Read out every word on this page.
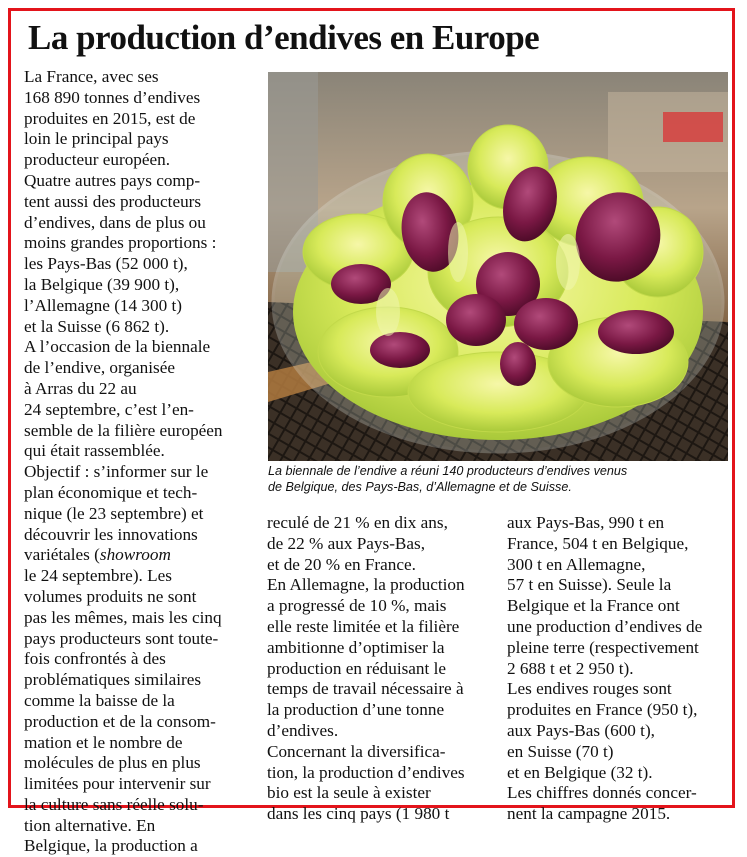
La production d’endives en Europe
La France, avec ses
168 890 tonnes d’endives
produites en 2015, est de
loin le principal pays
producteur européen.
Quatre autres pays comp-
tent aussi des producteurs
d’endives, dans de plus ou
moins grandes proportions :
les Pays-Bas (52 000 t),
la Belgique (39 900 t),
l’Allemagne (14 300 t)
et la Suisse (6 862 t).
A l’occasion de la biennale
de l’endive, organisée
à Arras du 22 au
24 septembre, c’est l’en-
semble de la filière européen
qui était rassemblée.
Objectif : s’informer sur le
plan économique et tech-
nique (le 23 septembre) et
découvrir les innovations
variétales (showroom
le 24 septembre). Les
volumes produits ne sont
pas les mêmes, mais les cinq
pays producteurs sont toute-
fois confrontés à des
problématiques similaires
comme la baisse de la
production et de la consom-
mation et le nombre de
molécules de plus en plus
limitées pour intervenir sur
la culture sans réelle solu-
tion alternative. En
Belgique, la production a
La biennale de l’endive a réuni 140 producteurs d’endives venus
de Belgique, des Pays-Bas, d’Allemagne et de Suisse.
reculé de 21 % en dix ans,
de 22 % aux Pays-Bas,
et de 20 % en France.
En Allemagne, la production
a progressé de 10 %, mais
elle reste limitée et la filière
ambitionne d’optimiser la
production en réduisant le
temps de travail nécessaire à
la production d’une tonne
d’endives.
Concernant la diversifica-
tion, la production d’endives
bio est la seule à exister
dans les cinq pays (1 980 t
aux Pays-Bas, 990 t en
France, 504 t en Belgique,
300 t en Allemagne,
57 t en Suisse). Seule la
Belgique et la France ont
une production d’endives de
pleine terre (respectivement
2 688 t et 2 950 t).
Les endives rouges sont
produites en France (950 t),
aux Pays-Bas (600 t),
en Suisse (70 t)
et en Belgique (32 t).
Les chiffres donnés concer-
nent la campagne 2015.
